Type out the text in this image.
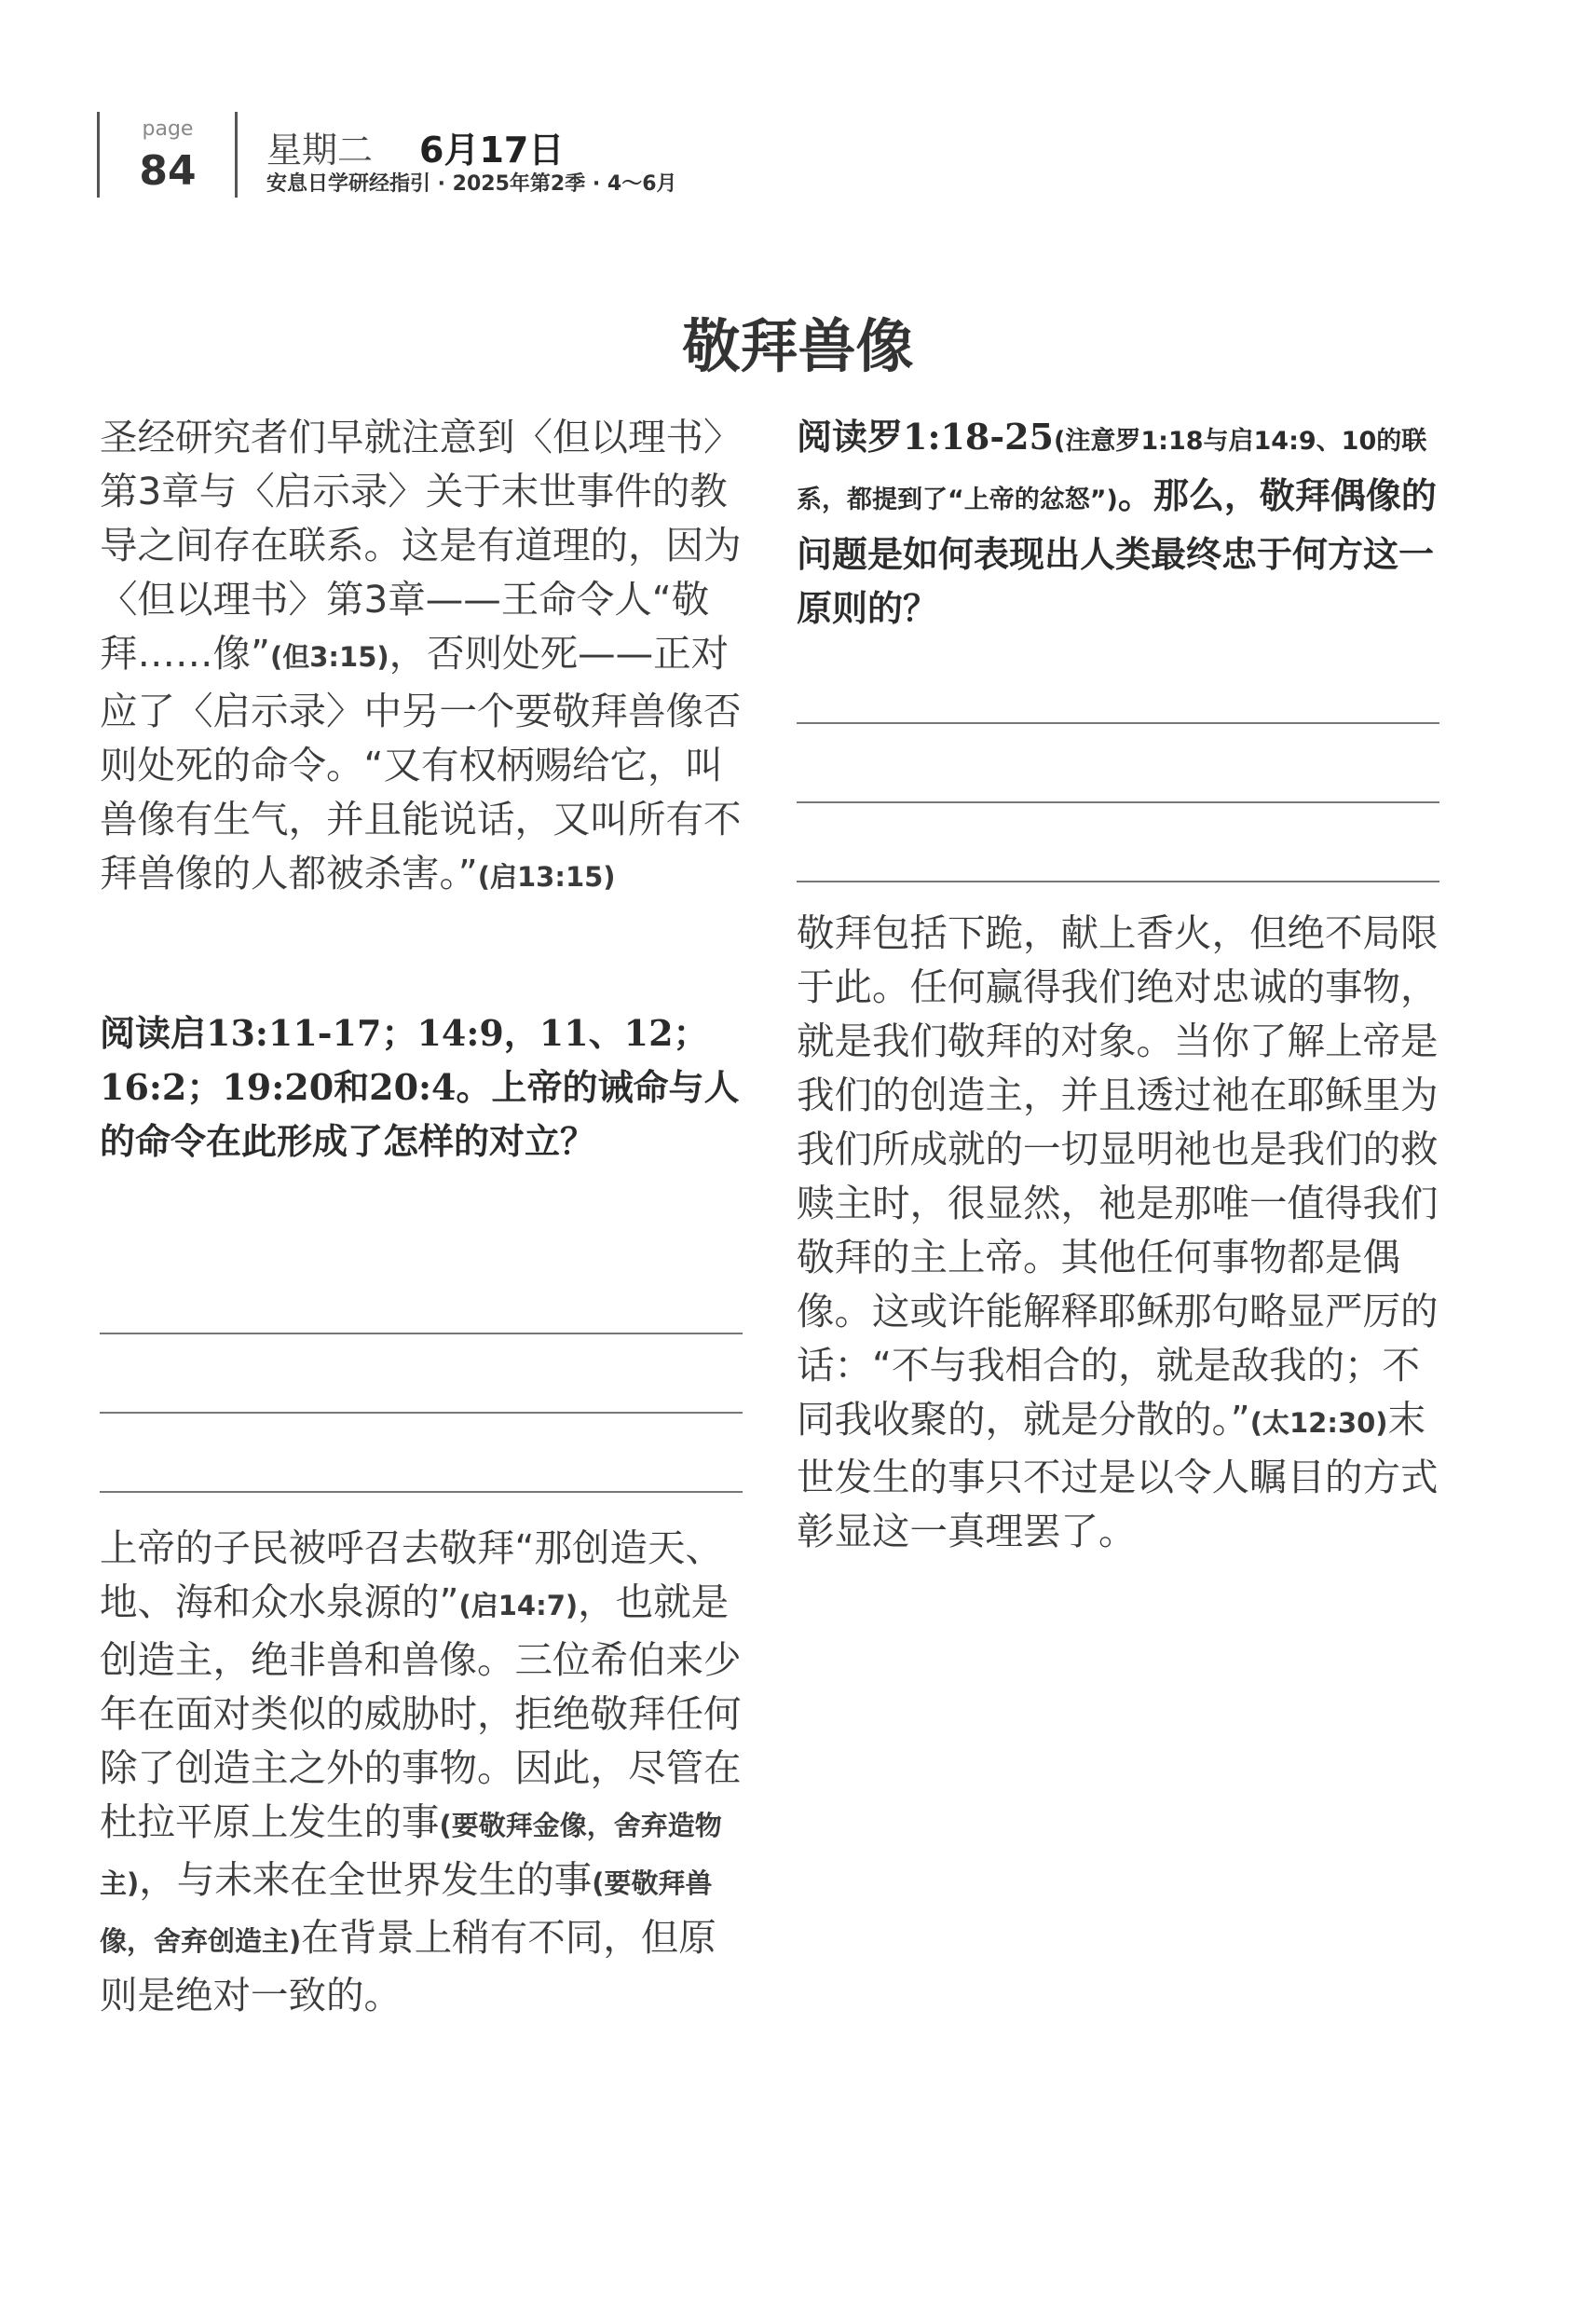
page
84 星期二 6月17日
安息日学研经指引 · 2025年第2季 · 4～6月
敬拜兽像

圣经研究者们早就注意到〈但以理书〉第3章与〈启示录〉关于末世事件的教导之间存在联系。这是有道理的，因为〈但以理书〉第3章——王命令人“敬拜……像”(但3:15)，否则处死——正对应了〈启示录〉中另一个要敬拜兽像否则处死的命令。“又有权柄赐给它，叫兽像有生气，并且能说话，又叫所有不拜兽像的人都被杀害。”(启13:15)

阅读启13:11-17；14:9，11、12；16:2；19:20和20:4。上帝的诫命与人的命令在此形成了怎样的对立？

上帝的子民被呼召去敬拜“那创造天、地、海和众水泉源的”(启14:7)，也就是创造主，绝非兽和兽像。三位希伯来少年在面对类似的威胁时，拒绝敬拜任何除了创造主之外的事物。因此，尽管在杜拉平原上发生的事(要敬拜金像，舍弃造物主)，与未来在全世界发生的事(要敬拜兽像，舍弃创造主)在背景上稍有不同，但原则是绝对一致的。

阅读罗1:18-25(注意罗1:18与启14:9、10的联系，都提到了“上帝的忿怒”)。那么，敬拜偶像的问题是如何表现出人类最终忠于何方这一原则的？

敬拜包括下跪，献上香火，但绝不局限于此。任何赢得我们绝对忠诚的事物，就是我们敬拜的对象。当你了解上帝是我们的创造主，并且透过祂在耶稣里为我们所成就的一切显明祂也是我们的救赎主时，很显然，祂是那唯一值得我们敬拜的主上帝。其他任何事物都是偶像。这或许能解释耶稣那句略显严厉的话：“不与我相合的，就是敌我的；不同我收聚的，就是分散的。”(太12:30)末世发生的事只不过是以令人瞩目的方式彰显这一真理罢了。
